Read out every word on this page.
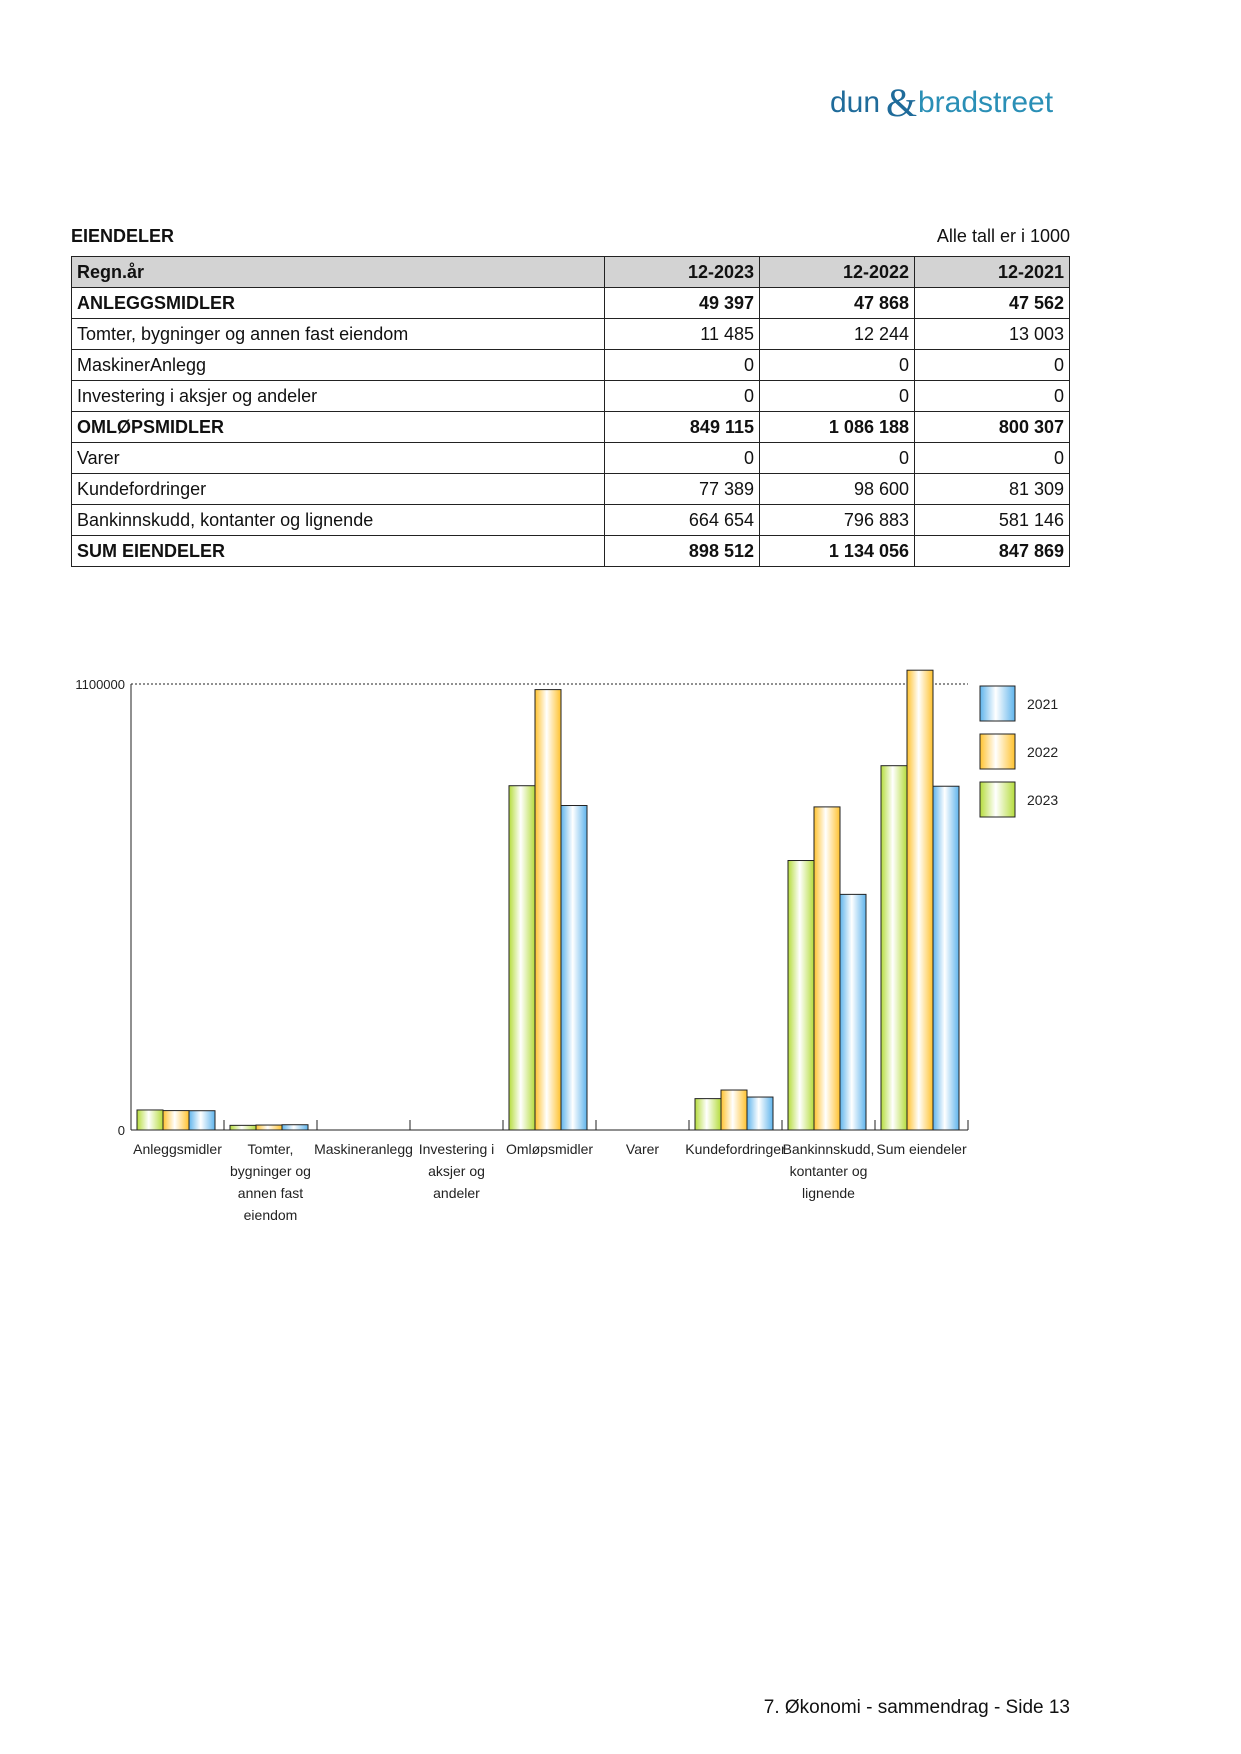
dun & bradstreet
EIENDELER	Alle tall er i 1000
Regn.år	12-2023	12-2022	12-2021
ANLEGGSMIDLER	49 397	47 868	47 562
Tomter, bygninger og annen fast eiendom	11 485	12 244	13 003
MaskinerAnlegg	0	0	0
Investering i aksjer og andeler	0	0	0
OMLØPSMIDLER	849 115	1 086 188	800 307
Varer	0	0	0
Kundefordringer	77 389	98 600	81 309
Bankinnskudd, kontanter og lignende	664 654	796 883	581 146
SUM EIENDELER	898 512	1 134 056	847 869
0
1100000
Anleggsmidler Tomter,
bygninger og
annen fast
eiendom
Maskineranlegg Investering i
aksjer og
andeler
Omløpsmidler Varer Kundefordringer
Bankinnskudd,
kontanter og
lignende
Sum eiendeler
2021
2022
2023
7. Økonomi - sammendrag - Side 13
